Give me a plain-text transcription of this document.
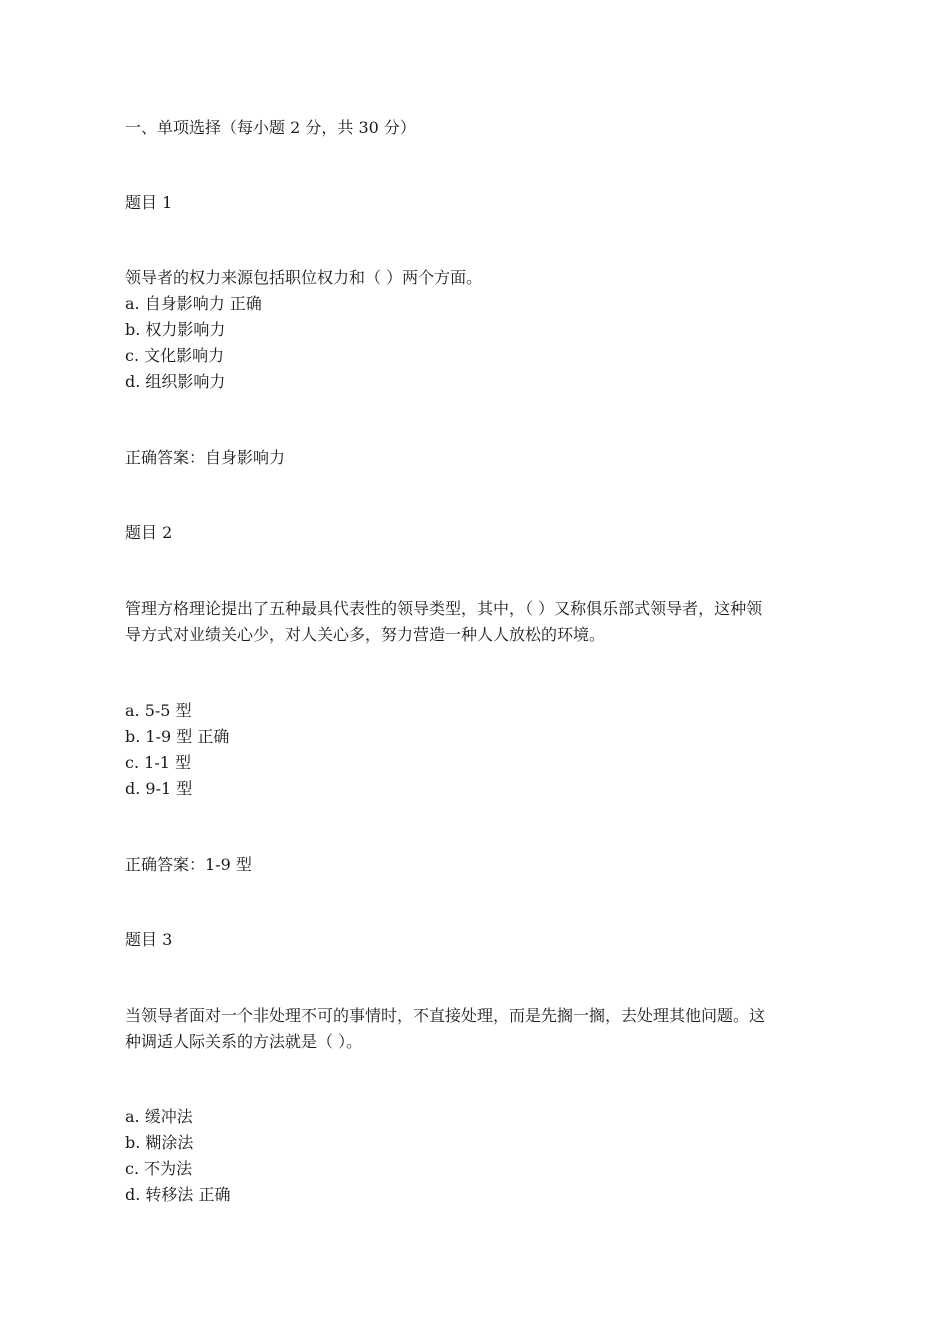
一、单项选择（每小题 2 分，共 30 分）
题目 1
领导者的权力来源包括职位权力和（ ）两个方面。
a. 自身影响力 正确
b. 权力影响力
c. 文化影响力
d. 组织影响力
正确答案：自身影响力
题目 2
管理方格理论提出了五种最具代表性的领导类型，其中，（ ）又称俱乐部式领导者，这种领
导方式对业绩关心少，对人关心多，努力营造一种人人放松的环境。
a. 5-5 型
b. 1-9 型 正确
c. 1-1 型
d. 9-1 型
正确答案：1-9 型
题目 3
当领导者面对一个非处理不可的事情时，不直接处理，而是先搁一搁，去处理其他问题。这
种调适人际关系的方法就是（ ）。
a. 缓冲法
b. 糊涂法
c. 不为法
d. 转移法 正确
